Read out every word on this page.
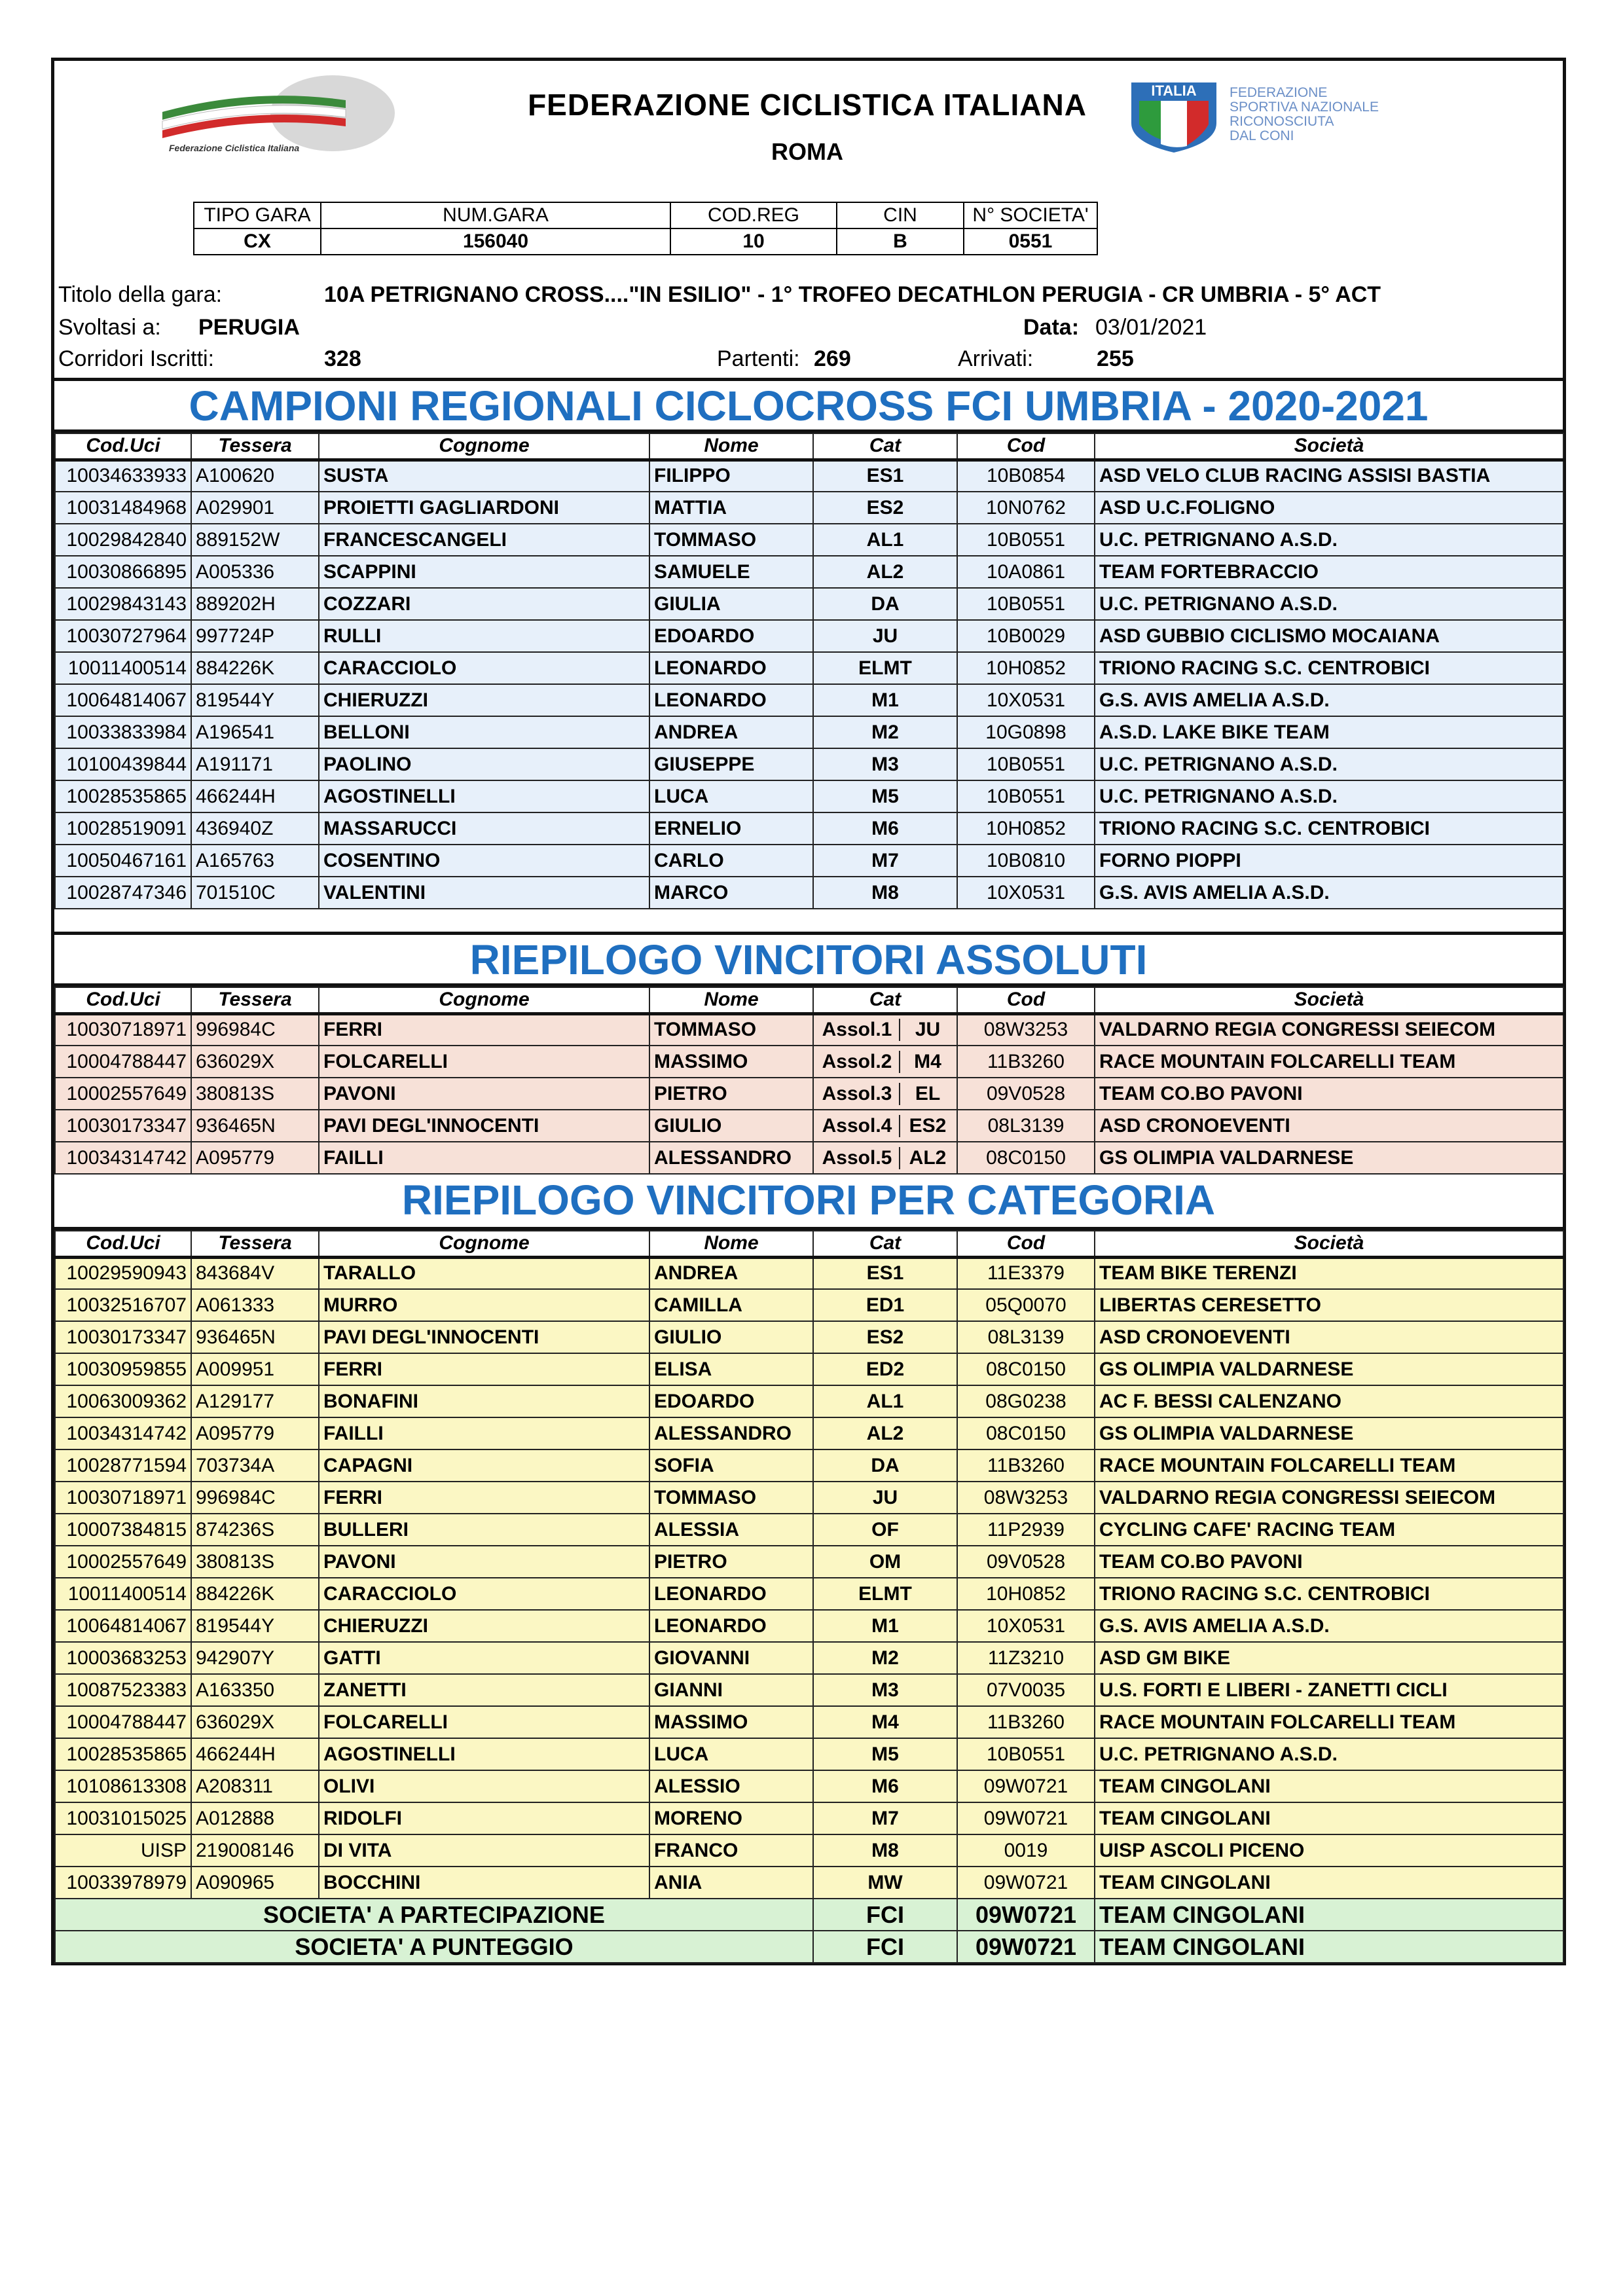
Federazione Ciclistica Italiana
FEDERAZIONE CICLISTICA ITALIANA
ROMA
ITALIA FEDERAZIONE
SPORTIVA NAZIONALE
RICONOSCIUTA
DAL CONI
TIPO GARA	NUM.GARA	COD.REG	CIN	N° SOCIETA'
CX	156040	10	B	0551
Titolo della gara:	10A PETRIGNANO CROSS...."IN ESILIO" - 1° TROFEO DECATHLON PERUGIA - CR UMBRIA - 5° ACT
Svoltasi a: PERUGIA	Data: 03/01/2021
Corridori Iscritti:	328	Partenti: 269	Arrivati:	255
CAMPIONI REGIONALI CICLOCROSS FCI UMBRIA - 2020-2021
Cod.Uci	Tessera	Cognome	Nome	Cat	Cod	Società
10034633933	A100620	SUSTA	FILIPPO	ES1	10B0854	ASD VELO CLUB RACING ASSISI BASTIA
10031484968	A029901	PROIETTI GAGLIARDONI	MATTIA	ES2	10N0762	ASD U.C.FOLIGNO
10029842840	889152W	FRANCESCANGELI	TOMMASO	AL1	10B0551	U.C. PETRIGNANO A.S.D.
10030866895	A005336	SCAPPINI	SAMUELE	AL2	10A0861	TEAM FORTEBRACCIO
10029843143	889202H	COZZARI	GIULIA	DA	10B0551	U.C. PETRIGNANO A.S.D.
10030727964	997724P	RULLI	EDOARDO	JU	10B0029	ASD GUBBIO CICLISMO MOCAIANA
10011400514	884226K	CARACCIOLO	LEONARDO	ELMT	10H0852	TRIONO RACING S.C. CENTROBICI
10064814067	819544Y	CHIERUZZI	LEONARDO	M1	10X0531	G.S. AVIS AMELIA A.S.D.
10033833984	A196541	BELLONI	ANDREA	M2	10G0898	A.S.D. LAKE BIKE TEAM
10100439844	A191171	PAOLINO	GIUSEPPE	M3	10B0551	U.C. PETRIGNANO A.S.D.
10028535865	466244H	AGOSTINELLI	LUCA	M5	10B0551	U.C. PETRIGNANO A.S.D.
10028519091	436940Z	MASSARUCCI	ERNELIO	M6	10H0852	TRIONO RACING S.C. CENTROBICI
10050467161	A165763	COSENTINO	CARLO	M7	10B0810	FORNO PIOPPI
10028747346	701510C	VALENTINI	MARCO	M8	10X0531	G.S. AVIS AMELIA A.S.D.
RIEPILOGO VINCITORI ASSOLUTI
Cod.Uci	Tessera	Cognome	Nome	Cat	Cod	Società
10030718971	996984C	FERRI	TOMMASO	Assol.1 JU	08W3253	VALDARNO REGIA CONGRESSI SEIECOM
10004788447	636029X	FOLCARELLI	MASSIMO	Assol.2 M4	11B3260	RACE MOUNTAIN FOLCARELLI TEAM
10002557649	380813S	PAVONI	PIETRO	Assol.3 EL	09V0528	TEAM CO.BO PAVONI
10030173347	936465N	PAVI DEGL'INNOCENTI	GIULIO	Assol.4 ES2	08L3139	ASD CRONOEVENTI
10034314742	A095779	FAILLI	ALESSANDRO	Assol.5 AL2	08C0150	GS OLIMPIA VALDARNESE
RIEPILOGO VINCITORI PER CATEGORIA
Cod.Uci	Tessera	Cognome	Nome	Cat	Cod	Società
10029590943	843684V	TARALLO	ANDREA	ES1	11E3379	TEAM BIKE TERENZI
10032516707	A061333	MURRO	CAMILLA	ED1	05Q0070	LIBERTAS CERESETTO
10030173347	936465N	PAVI DEGL'INNOCENTI	GIULIO	ES2	08L3139	ASD CRONOEVENTI
10030959855	A009951	FERRI	ELISA	ED2	08C0150	GS OLIMPIA VALDARNESE
10063009362	A129177	BONAFINI	EDOARDO	AL1	08G0238	AC F. BESSI CALENZANO
10034314742	A095779	FAILLI	ALESSANDRO	AL2	08C0150	GS OLIMPIA VALDARNESE
10028771594	703734A	CAPAGNI	SOFIA	DA	11B3260	RACE MOUNTAIN FOLCARELLI TEAM
10030718971	996984C	FERRI	TOMMASO	JU	08W3253	VALDARNO REGIA CONGRESSI SEIECOM
10007384815	874236S	BULLERI	ALESSIA	OF	11P2939	CYCLING CAFE' RACING TEAM
10002557649	380813S	PAVONI	PIETRO	OM	09V0528	TEAM CO.BO PAVONI
10011400514	884226K	CARACCIOLO	LEONARDO	ELMT	10H0852	TRIONO RACING S.C. CENTROBICI
10064814067	819544Y	CHIERUZZI	LEONARDO	M1	10X0531	G.S. AVIS AMELIA A.S.D.
10003683253	942907Y	GATTI	GIOVANNI	M2	11Z3210	ASD GM BIKE
10087523383	A163350	ZANETTI	GIANNI	M3	07V0035	U.S. FORTI E LIBERI - ZANETTI CICLI
10004788447	636029X	FOLCARELLI	MASSIMO	M4	11B3260	RACE MOUNTAIN FOLCARELLI TEAM
10028535865	466244H	AGOSTINELLI	LUCA	M5	10B0551	U.C. PETRIGNANO A.S.D.
10108613308	A208311	OLIVI	ALESSIO	M6	09W0721	TEAM CINGOLANI
10031015025	A012888	RIDOLFI	MORENO	M7	09W0721	TEAM CINGOLANI
UISP	219008146	DI VITA	FRANCO	M8	0019	UISP ASCOLI PICENO
10033978979	A090965	BOCCHINI	ANIA	MW	09W0721	TEAM CINGOLANI
SOCIETA' A PARTECIPAZIONE				FCI	09W0721	TEAM CINGOLANI
SOCIETA' A PUNTEGGIO				FCI	09W0721	TEAM CINGOLANI
